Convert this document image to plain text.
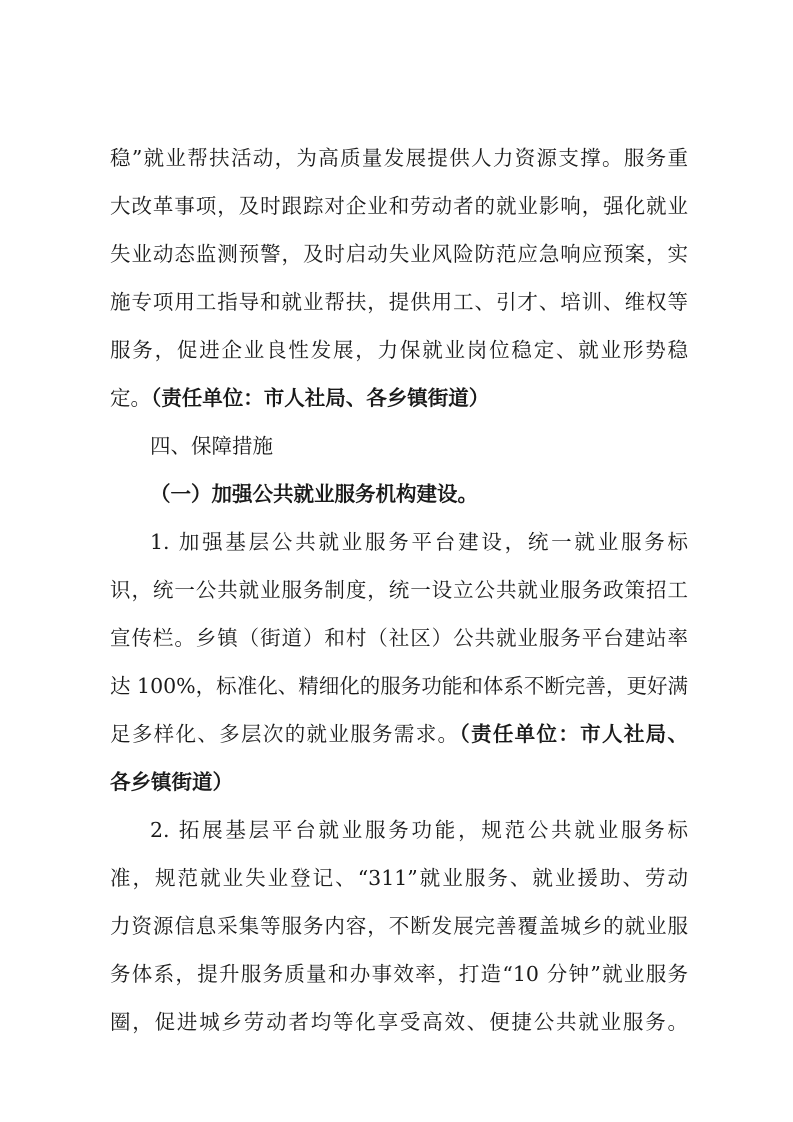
稳”就业帮扶活动，为高质量发展提供人力资源支撑。服务重
大改革事项，及时跟踪对企业和劳动者的就业影响，强化就业
失业动态监测预警，及时启动失业风险防范应急响应预案，实
施专项用工指导和就业帮扶，提供用工、引才、培训、维权等
服务，促进企业良性发展，力保就业岗位稳定、就业形势稳
定。（责任单位：市人社局、各乡镇街道）
四、保障措施
（一）加强公共就业服务机构建设。
1. 加强基层公共就业服务平台建设，统一就业服务标
识，统一公共就业服务制度，统一设立公共就业服务政策招工
宣传栏。乡镇（街道）和村（社区）公共就业服务平台建站率
达 100%，标准化、精细化的服务功能和体系不断完善，更好满
足多样化、多层次的就业服务需求。（责任单位：市人社局、
各乡镇街道）
2. 拓展基层平台就业服务功能，规范公共就业服务标
准，规范就业失业登记、“311”就业服务、就业援助、劳动
力资源信息采集等服务内容，不断发展完善覆盖城乡的就业服
务体系，提升服务质量和办事效率，打造“10 分钟”就业服务
圈，促进城乡劳动者均等化享受高效、便捷公共就业服务。
